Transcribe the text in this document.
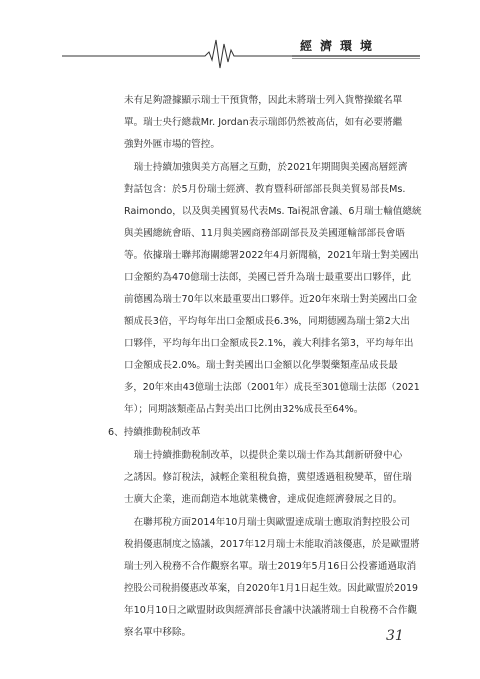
經濟環境
未有足夠證據顯示瑞士干預貨幣，因此未將瑞士列入貨幣操縱名單
單。瑞士央行總裁Mr. Jordan表示瑞郎仍然被高估，如有必要將繼
強對外匯市場的管控。
　瑞士持續加強與美方高層之互動，於2021年期間與美國高層經濟
對話包含：於5月份瑞士經濟、教育暨科研部部長與美貿易部長Ms.
Raimondo，以及與美國貿易代表Ms. Tai視訊會議、6月瑞士輸值總統
與美國總統會晤、11月與美國商務部副部長及美國運輸部部長會晤
等。依據瑞士聯邦海關總署2022年4月新聞稿，2021年瑞士對美國出
口金額約為470億瑞士法郎，美國已晉升為瑞士最重要出口夥伴，此
前德國為瑞士70年以來最重要出口夥伴。近20年來瑞士對美國出口金
額成長3倍，平均每年出口金額成長6.3%，同期德國為瑞士第2大出
口夥伴，平均每年出口金額成長2.1%，義大利排名第3，平均每年出
口金額成長2.0%。瑞士對美國出口金額以化學製藥類產品成長最
多，20年來由43億瑞士法郎（2001年）成長至301億瑞士法郎（2021
年）；同期該類產品占對美出口比例由32%成長至64%。
6、持續推動稅制改革
　瑞士持續推動稅制改革，以提供企業以瑞士作為其創新研發中心
之誘因。修訂稅法，減輕企業租稅負擔，冀望透過租稅變革，留住瑞
士廣大企業，進而創造本地就業機會，達成促進經濟發展之目的。
　在聯邦稅方面2014年10月瑞士與歐盟達成瑞士應取消對控股公司
稅捐優惠制度之協議，2017年12月瑞士未能取消該優惠，於是歐盟將
瑞士列入稅務不合作觀察名單。瑞士2019年5月16日公投審通過取消
控股公司稅捐優惠改革案，自2020年1月1日起生效。因此歐盟於2019
年10月10日之歐盟財政與經濟部長會議中決議將瑞士自稅務不合作觀
察名單中移除。	31
